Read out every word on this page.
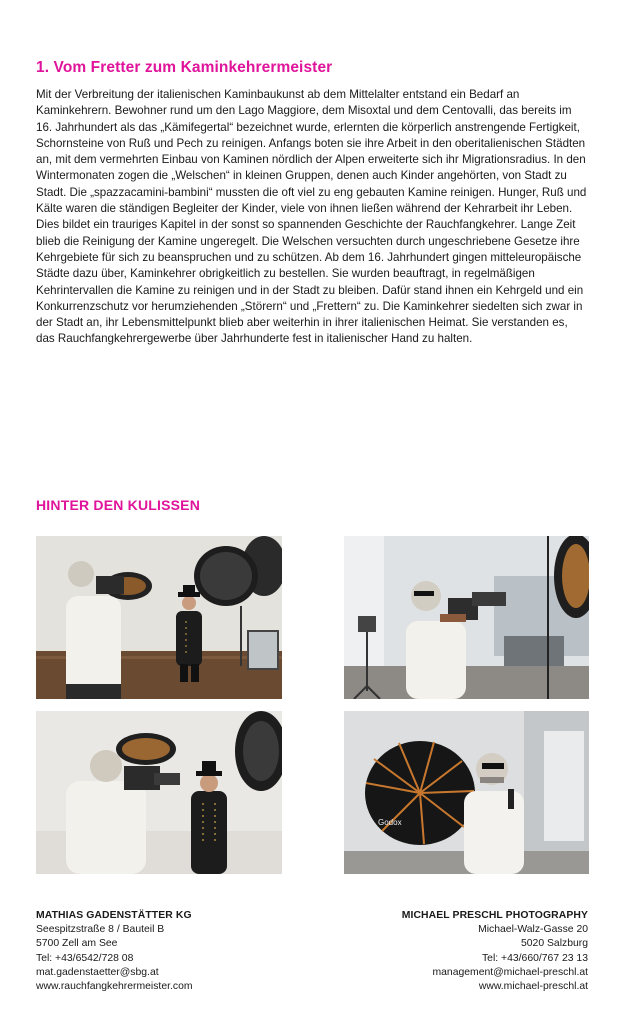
1. Vom Fretter zum Kaminkehrermeister

Mit der Verbreitung der italienischen Kaminbaukunst ab dem Mittelalter entstand ein Bedarf an Kaminkehrern. Bewohner rund um den Lago Maggiore, dem Misoxtal und dem Centovalli, das bereits im 16. Jahrhundert als das „Kämifegertal“ bezeichnet wurde, erlernten die körperlich anstrengende Fertigkeit, Schornsteine von Ruß und Pech zu reinigen. Anfangs boten sie ihre Arbeit in den oberitalienischen Städten an, mit dem vermehrten Einbau von Kaminen nördlich der Alpen erweiterte sich ihr Migrationsradius. In den Wintermonaten zogen die „Welschen“ in kleinen Gruppen, denen auch Kinder angehörten, von Stadt zu Stadt. Die „spazzacamini-bambini“ mussten die oft viel zu eng gebauten Kamine reinigen. Hunger, Ruß und Kälte waren die ständigen Begleiter der Kinder, viele von ihnen ließen während der Kehrarbeit ihr Leben. Dies bildet ein trauriges Kapitel in der sonst so spannenden Geschichte der Rauchfangkehrer. Lange Zeit blieb die Reinigung der Kamine ungeregelt. Die Welschen versuchten durch ungeschriebene Gesetze ihre Kehrgebiete für sich zu beanspruchen und zu schützen. Ab dem 16. Jahrhundert gingen mitteleuropäische Städte dazu über, Kaminkehrer obrigkeitlich zu bestellen. Sie wurden beauftragt, in regelmäßigen Kehrintervallen die Kamine zu reinigen und in der Stadt zu bleiben. Dafür stand ihnen ein Kehrgeld und ein Konkurrenzschutz vor herumziehenden „Störern“ und „Frettern“ zu. Die Kaminkehrer siedelten sich zwar in der Stadt an, ihr Lebensmittelpunkt blieb aber weiterhin in ihrer italienischen Heimat. Sie verstanden es, das Rauchfangkehrergewerbe über Jahrhunderte fest in italienischer Hand zu halten.

HINTER DEN KULISSEN
Godox
MATHIAS GADENSTÄTTER KG
Seespitzstraße 8 / Bauteil B
5700 Zell am See
Tel: +43/6542/728 08
mat.gadenstaetter@sbg.at
www.rauchfangkehrermeister.com
MICHAEL PRESCHL PHOTOGRAPHY
Michael-Walz-Gasse 20
5020 Salzburg
Tel: +43/660/767 23 13
management@michael-preschl.at
www.michael-preschl.at
